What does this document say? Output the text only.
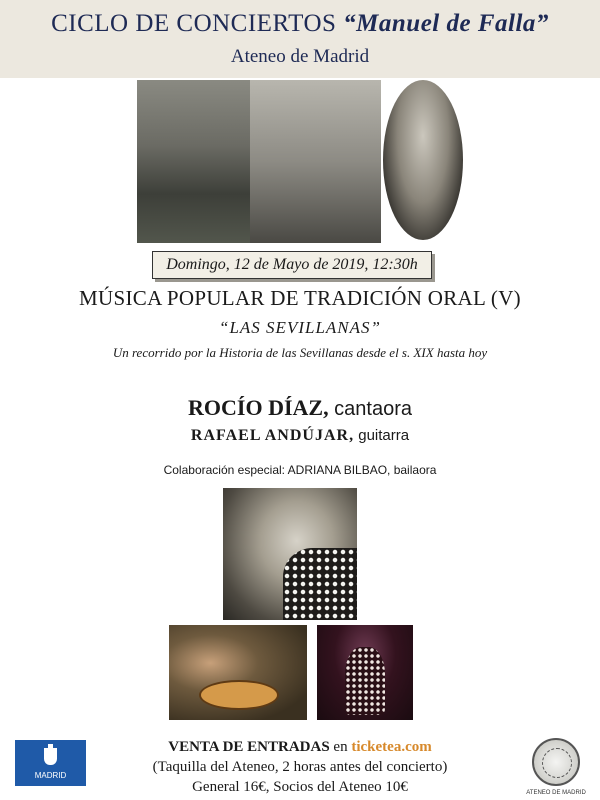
CICLO DE CONCIERTOS “Manuel de Falla”
Ateneo de Madrid
Domingo, 12 de Mayo de 2019, 12:30h
MÚSICA POPULAR DE TRADICIÓN ORAL (V)
“LAS SEVILLANAS”
Un recorrido por la Historia de las Sevillanas desde el s. XIX hasta hoy
ROCÍO DÍAZ, cantaora
RAFAEL ANDÚJAR, guitarra
Colaboración especial: ADRIANA BILBAO, bailaora
MADRID
VENTA DE ENTRADAS en ticketea.com
(Taquilla del Ateneo, 2 horas antes del concierto)
General 16€, Socios del Ateneo 10€	ATENEO DE MADRID
